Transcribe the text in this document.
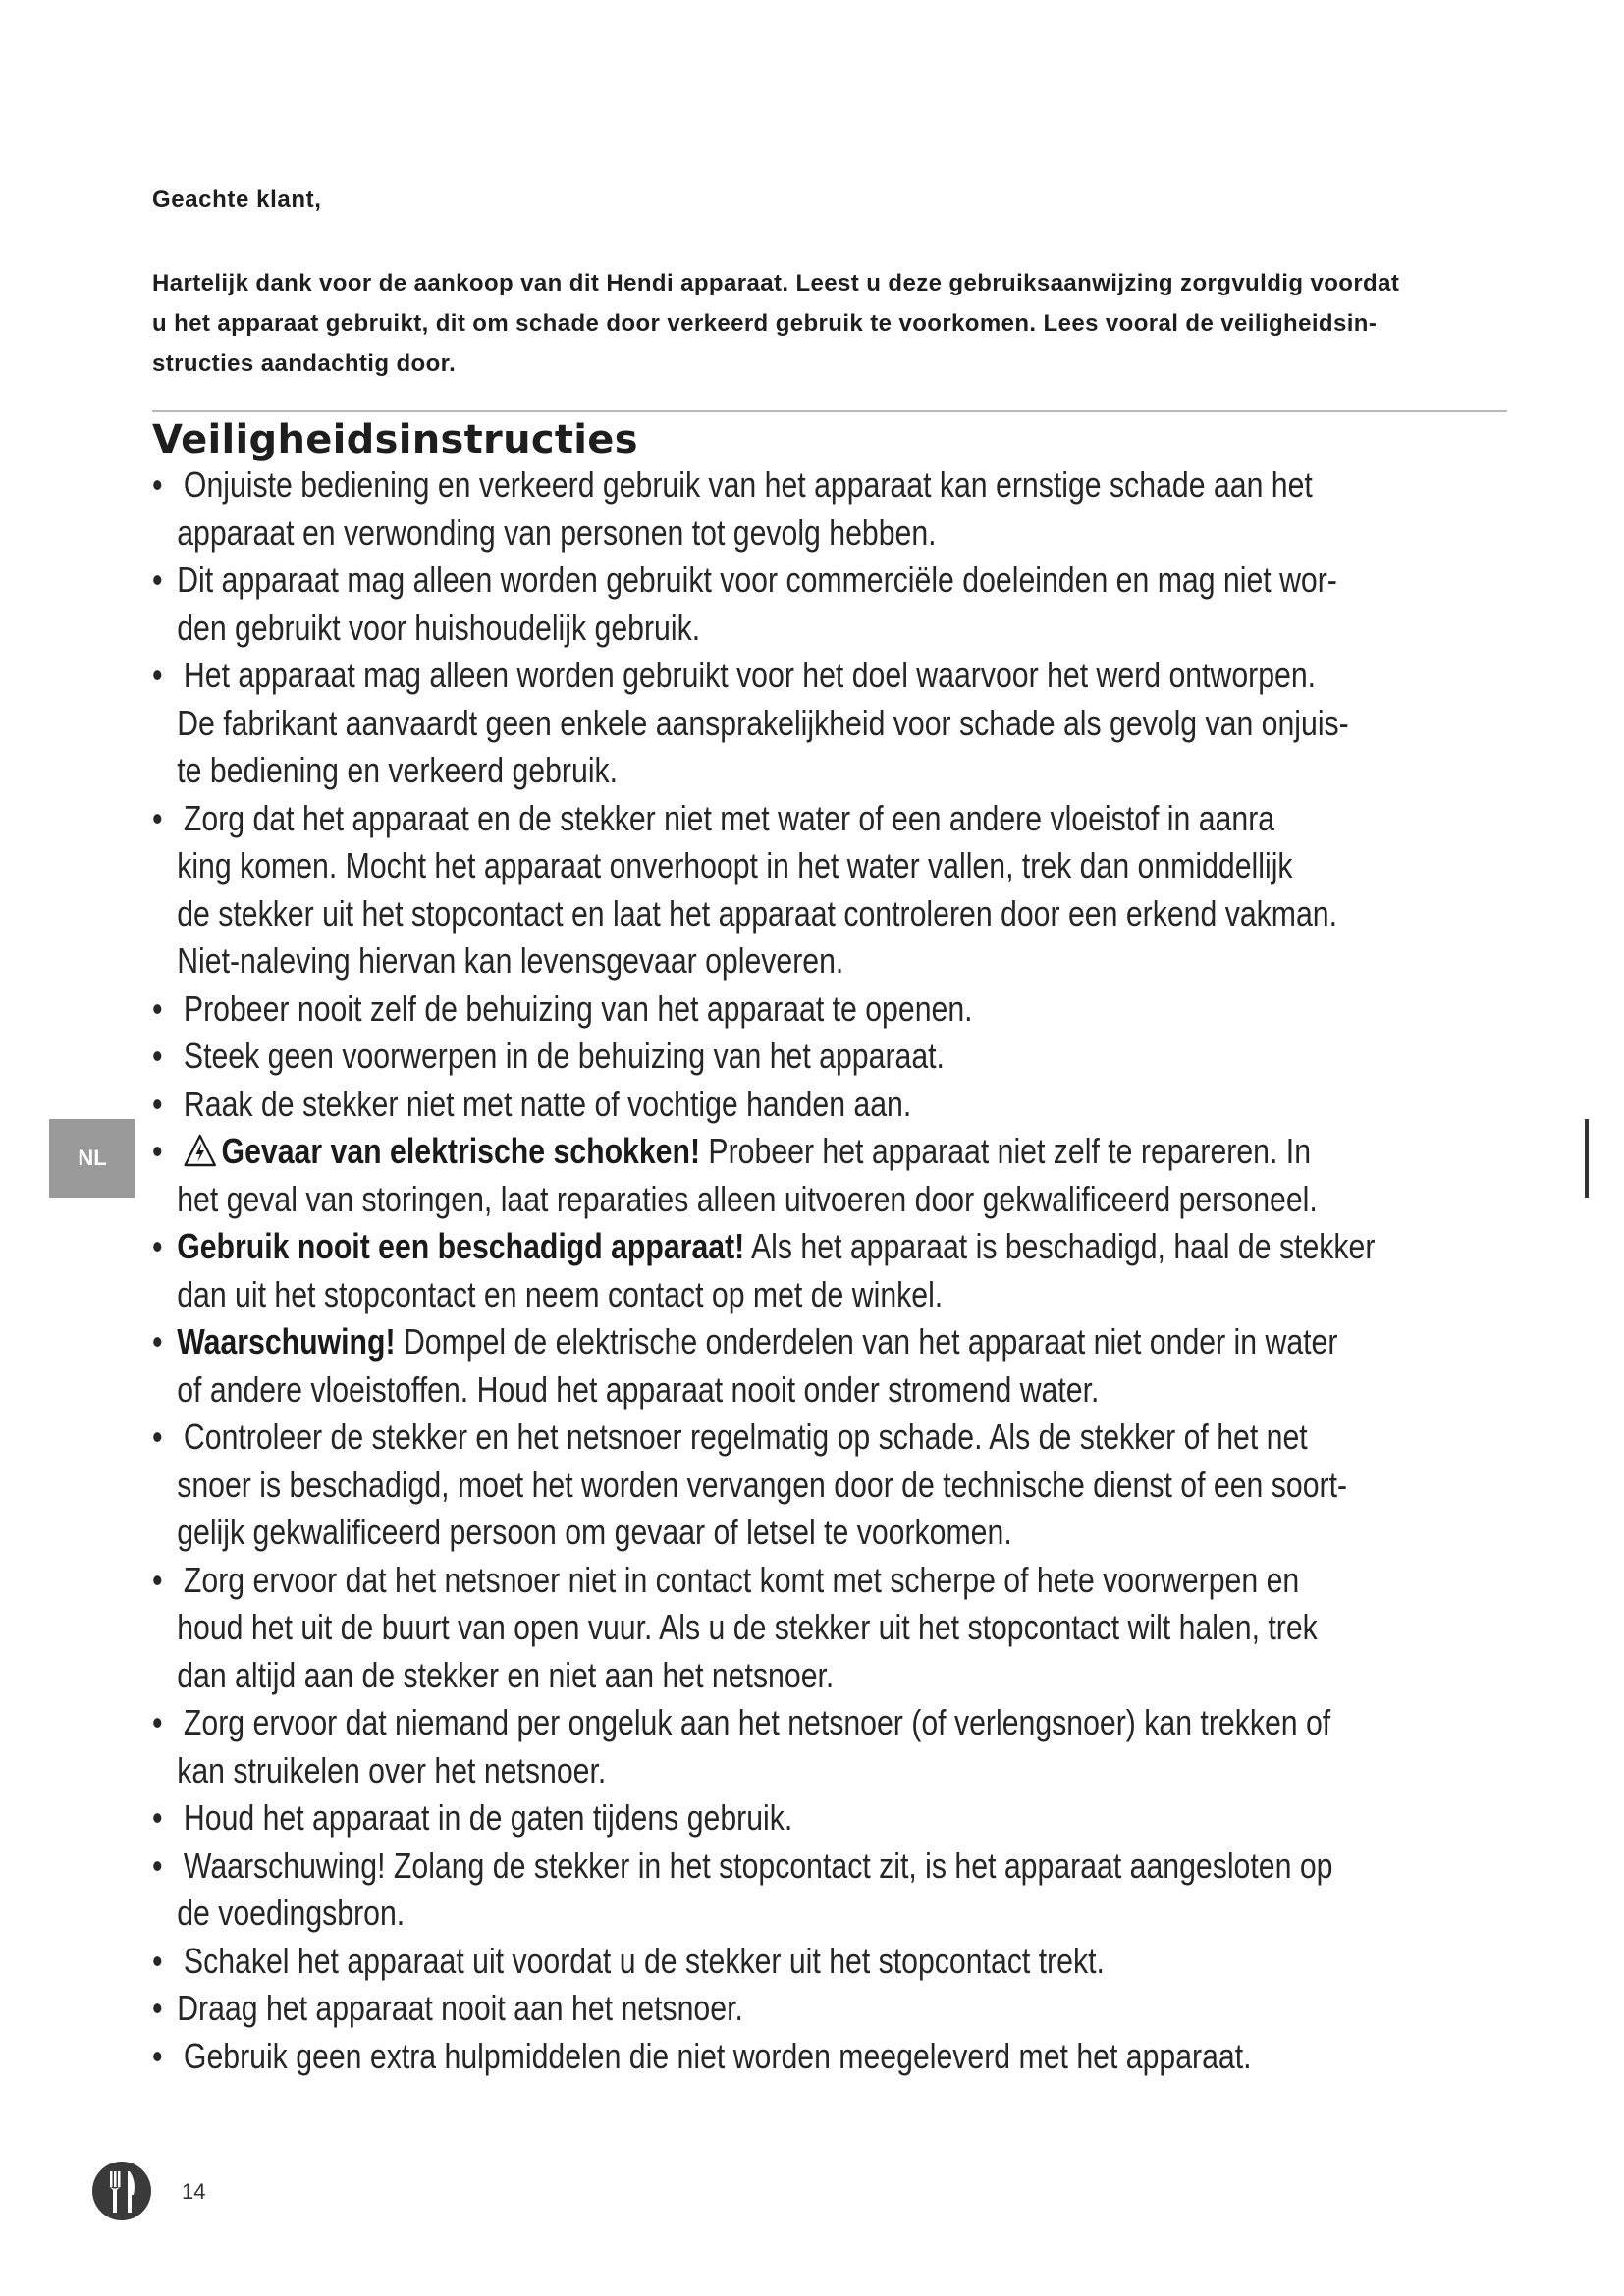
Geachte klant,

Hartelijk dank voor de aankoop van dit Hendi apparaat. Leest u deze gebruiksaanwijzing zorgvuldig voordat
u het apparaat gebruikt, dit om schade door verkeerd gebruik te voorkomen. Lees vooral de veiligheidsin-
structies aandachtig door.

Veiligheidsinstructies
• Onjuiste bediening en verkeerd gebruik van het apparaat kan ernstige schade aan het
apparaat en verwonding van personen tot gevolg hebben.
• Dit apparaat mag alleen worden gebruikt voor commerciële doeleinden en mag niet wor-
den gebruikt voor huishoudelijk gebruik.
• Het apparaat mag alleen worden gebruikt voor het doel waarvoor het werd ontworpen.
De fabrikant aanvaardt geen enkele aansprakelijkheid voor schade als gevolg van onjuis-
te bediening en verkeerd gebruik.
• Zorg dat het apparaat en de stekker niet met water of een andere vloeistof in aanra
king komen. Mocht het apparaat onverhoopt in het water vallen, trek dan onmiddellijk
de stekker uit het stopcontact en laat het apparaat controleren door een erkend vakman.
Niet-naleving hiervan kan levensgevaar opleveren.
• Probeer nooit zelf de behuizing van het apparaat te openen.
• Steek geen voorwerpen in de behuizing van het apparaat.
• Raak de stekker niet met natte of vochtige handen aan.
•	Gevaar van elektrische schokken! Probeer het apparaat niet zelf te repareren. In
het geval van storingen, laat reparaties alleen uitvoeren door gekwalificeerd personeel.
• Gebruik nooit een beschadigd apparaat! Als het apparaat is beschadigd, haal de stekker
dan uit het stopcontact en neem contact op met de winkel.
• Waarschuwing! Dompel de elektrische onderdelen van het apparaat niet onder in water
of andere vloeistoffen. Houd het apparaat nooit onder stromend water.
• Controleer de stekker en het netsnoer regelmatig op schade. Als de stekker of het net
snoer is beschadigd, moet het worden vervangen door de technische dienst of een soort-
gelijk gekwalificeerd persoon om gevaar of letsel te voorkomen.
• Zorg ervoor dat het netsnoer niet in contact komt met scherpe of hete voorwerpen en
houd het uit de buurt van open vuur. Als u de stekker uit het stopcontact wilt halen, trek
dan altijd aan de stekker en niet aan het netsnoer.
• Zorg ervoor dat niemand per ongeluk aan het netsnoer (of verlengsnoer) kan trekken of
kan struikelen over het netsnoer.
• Houd het apparaat in de gaten tijdens gebruik.
• Waarschuwing! Zolang de stekker in het stopcontact zit, is het apparaat aangesloten op
de voedingsbron.
• Schakel het apparaat uit voordat u de stekker uit het stopcontact trekt.
• Draag het apparaat nooit aan het netsnoer.
• Gebruik geen extra hulpmiddelen die niet worden meegeleverd met het apparaat.
NL
14
